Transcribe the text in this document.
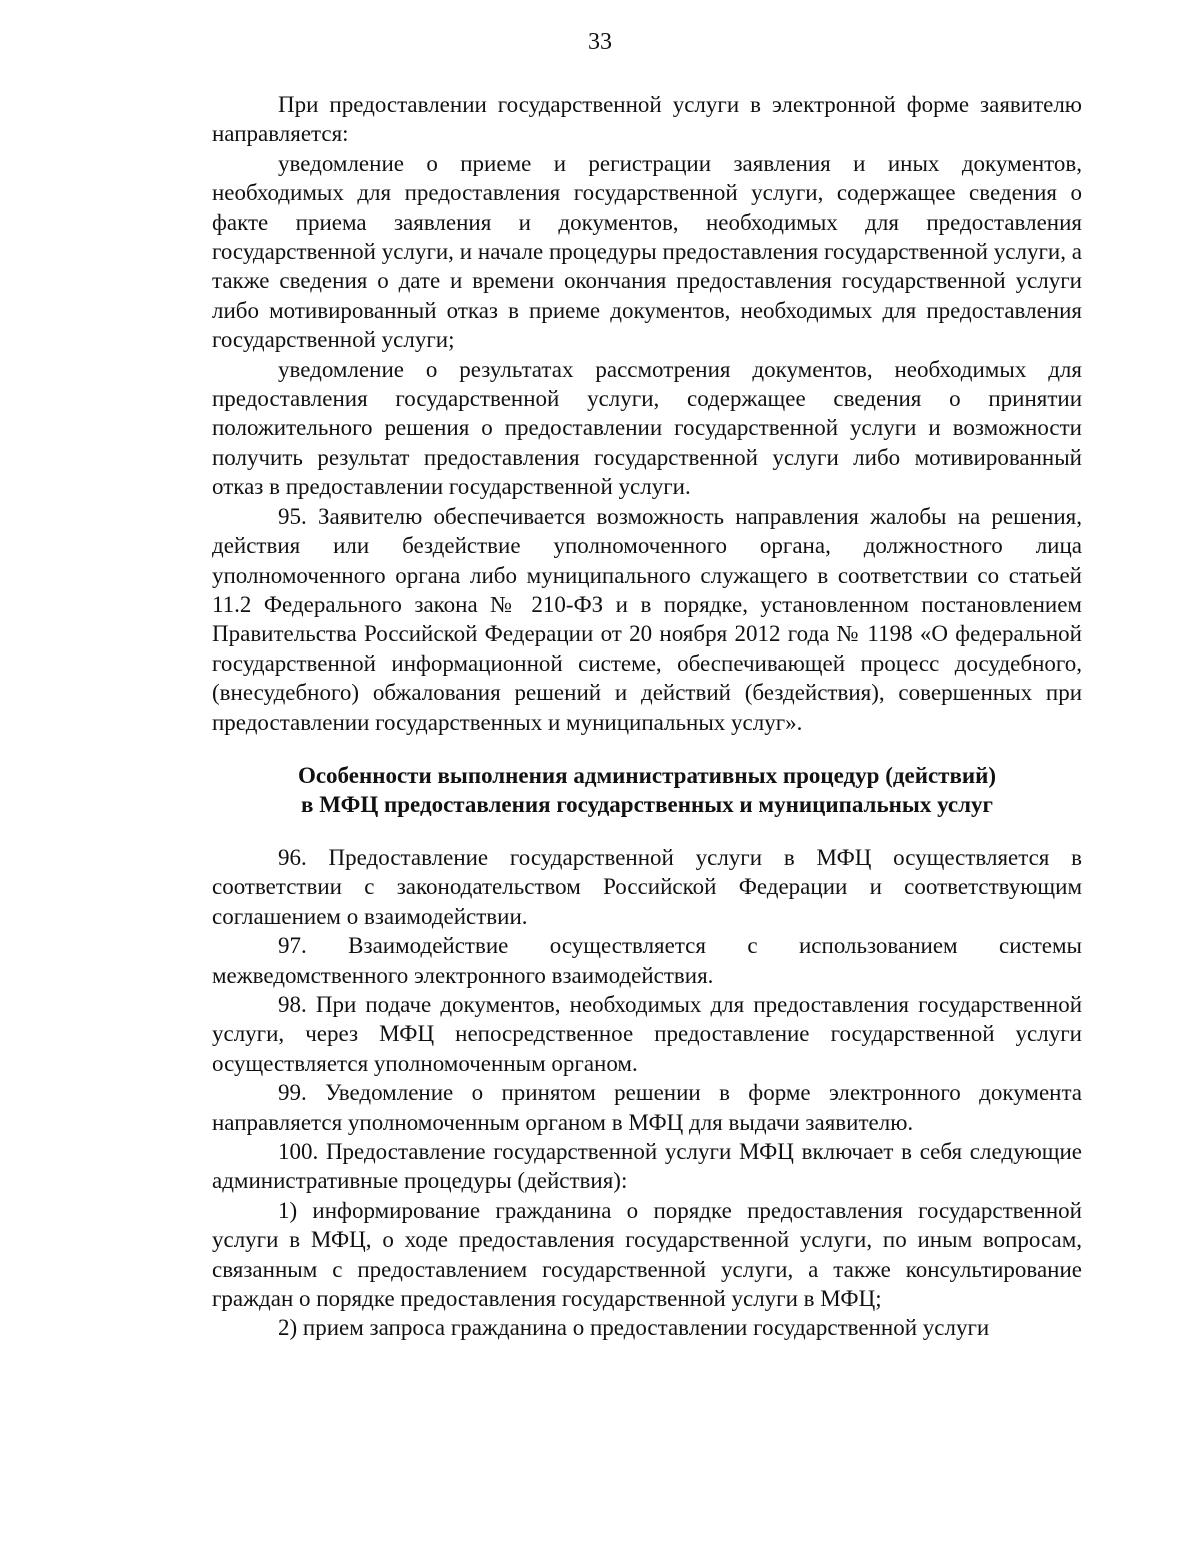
33

При предоставлении государственной услуги в электронной форме заявителю направляется:

уведомление о приеме и регистрации заявления и иных документов, необходимых для предоставления государственной услуги, содержащее сведения о факте приема заявления и документов, необходимых для предоставления государственной услуги, и начале процедуры предоставления государственной услуги, а также сведения о дате и времени окончания предоставления государственной услуги либо мотивированный отказ в приеме документов, необходимых для предоставления государственной услуги;

уведомление о результатах рассмотрения документов, необходимых для предоставления государственной услуги, содержащее сведения о принятии положительного решения о предоставлении государственной услуги и возможности получить результат предоставления государственной услуги либо мотивированный отказ в предоставлении государственной услуги.

95. Заявителю обеспечивается возможность направления жалобы на решения, действия или бездействие уполномоченного органа, должностного лица уполномоченного органа либо муниципального служащего в соответствии со статьей 11.2 Федерального закона № 210-ФЗ и в порядке, установленном постановлением Правительства Российской Федерации от 20 ноября 2012 года № 1198 «О федеральной государственной информационной системе, обеспечивающей процесс досудебного, (внесудебного) обжалования решений и действий (бездействия), совершенных при предоставлении государственных и муниципальных услуг».

Особенности выполнения административных процедур (действий)
в МФЦ предоставления государственных и муниципальных услуг

96. Предоставление государственной услуги в МФЦ осуществляется в соответствии с законодательством Российской Федерации и соответствующим соглашением о взаимодействии.

97. Взаимодействие осуществляется с использованием системы межведомственного электронного взаимодействия.

98. При подаче документов, необходимых для предоставления государственной услуги, через МФЦ непосредственное предоставление государственной услуги осуществляется уполномоченным органом.

99. Уведомление о принятом решении в форме электронного документа направляется уполномоченным органом в МФЦ для выдачи заявителю.

100. Предоставление государственной услуги МФЦ включает в себя следующие административные процедуры (действия):

1) информирование гражданина о порядке предоставления государственной услуги в МФЦ, о ходе предоставления государственной услуги, по иным вопросам, связанным с предоставлением государственной услуги, а также консультирование граждан о порядке предоставления государственной услуги в МФЦ;

2) прием запроса гражданина о предоставлении государственной услуги
